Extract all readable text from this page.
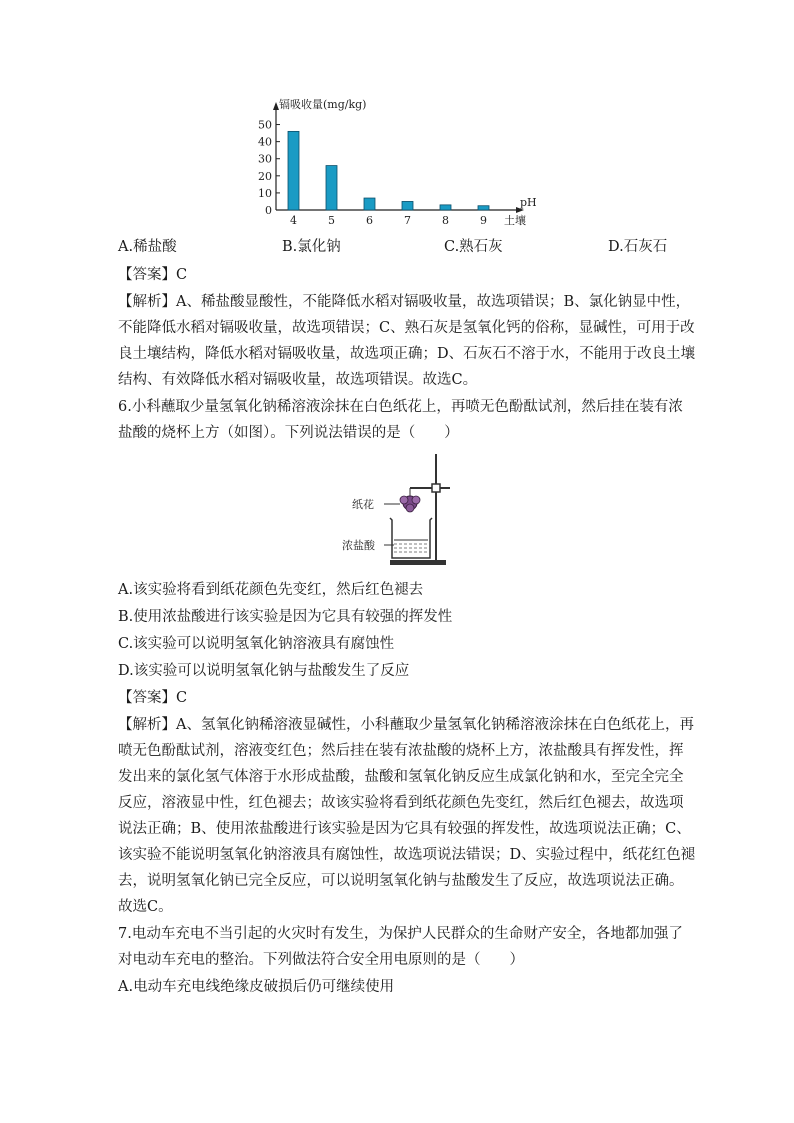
镉吸收量(mg/kg)
0
10
20
30
40
50
4	5	6	7	8	9
pH
土壤
A.稀盐酸	B.氯化钠	C.熟石灰	D.石灰石
【答案】C
【解析】A、稀盐酸显酸性，不能降低水稻对镉吸收量，故选项错误；B、氯化钠显中性，
不能降低水稻对镉吸收量，故选项错误；C、熟石灰是氢氧化钙的俗称，显碱性，可用于改
良土壤结构，降低水稻对镉吸收量，故选项正确；D、石灰石不溶于水，不能用于改良土壤
结构、有效降低水稻对镉吸收量，故选项错误。故选C。
6.小科蘸取少量氢氧化钠稀溶液涂抹在白色纸花上，再喷无色酚酞试剂，然后挂在装有浓
盐酸的烧杯上方（如图）。下列说法错误的是（　　）
纸花
浓盐酸
A.该实验将看到纸花颜色先变红，然后红色褪去
B.使用浓盐酸进行该实验是因为它具有较强的挥发性
C.该实验可以说明氢氧化钠溶液具有腐蚀性
D.该实验可以说明氢氧化钠与盐酸发生了反应
【答案】C
【解析】A、氢氧化钠稀溶液显碱性，小科蘸取少量氢氧化钠稀溶液涂抹在白色纸花上，再
喷无色酚酞试剂，溶液变红色；然后挂在装有浓盐酸的烧杯上方，浓盐酸具有挥发性，挥
发出来的氯化氢气体溶于水形成盐酸，盐酸和氢氧化钠反应生成氯化钠和水，至完全完全
反应，溶液显中性，红色褪去；故该实验将看到纸花颜色先变红，然后红色褪去，故选项
说法正确；B、使用浓盐酸进行该实验是因为它具有较强的挥发性，故选项说法正确；C、
该实验不能说明氢氧化钠溶液具有腐蚀性，故选项说法错误；D、实验过程中，纸花红色褪
去，说明氢氧化钠已完全反应，可以说明氢氧化钠与盐酸发生了反应，故选项说法正确。
故选C。
7.电动车充电不当引起的火灾时有发生，为保护人民群众的生命财产安全，各地都加强了
对电动车充电的整治。下列做法符合安全用电原则的是（　　）
A.电动车充电线绝缘皮破损后仍可继续使用
